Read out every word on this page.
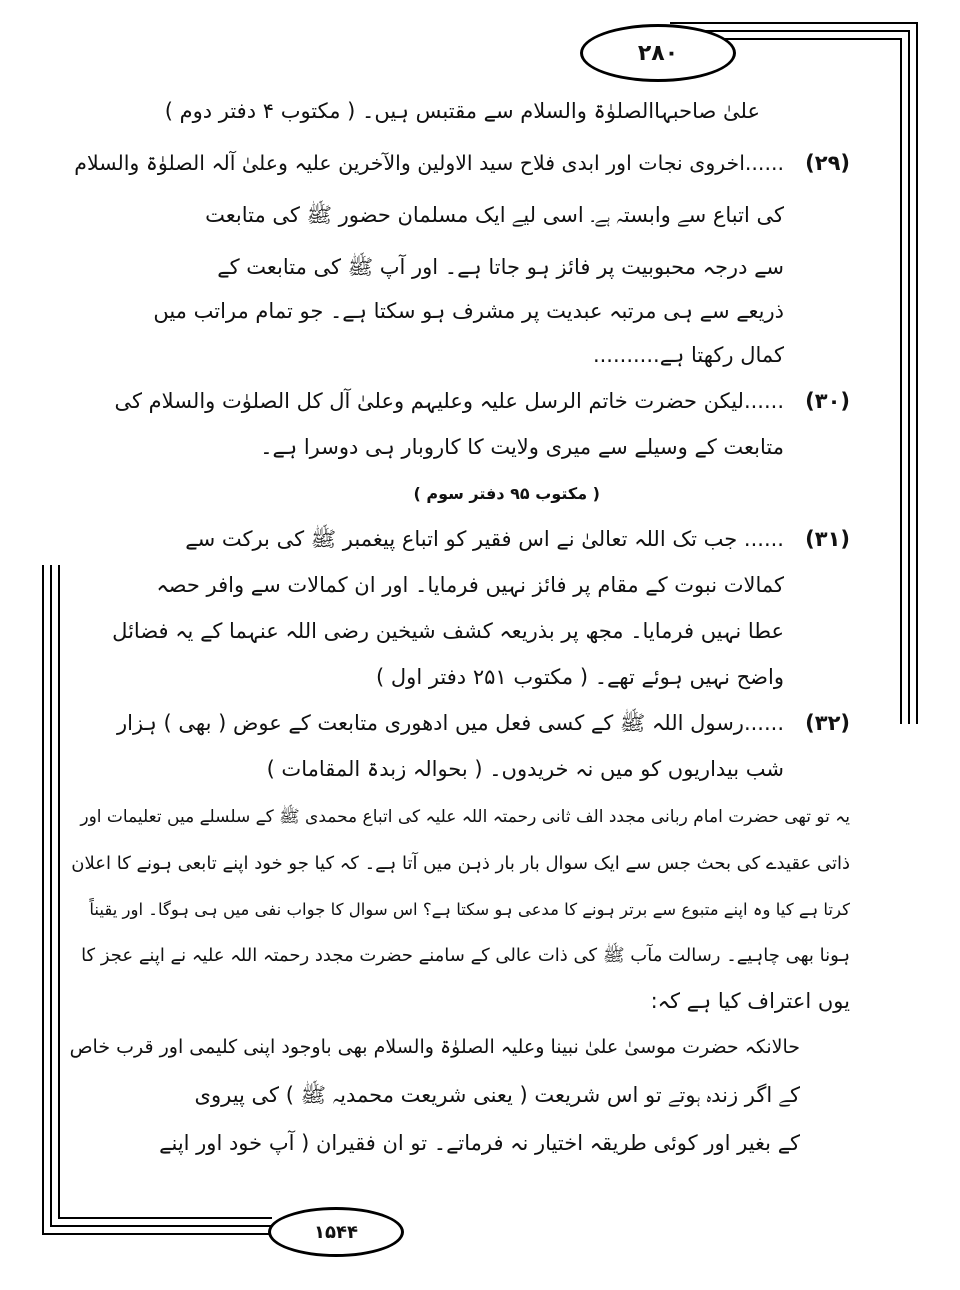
۲۸۰
۱۵۴۴
علیٰ صاحبہاالصلوٰۃ والسلام سے مقتبس ہیں۔ ( مکتوب ۴ دفتر دوم )
(۲۹)
......اخروی نجات اور ابدی فلاح سید الاولین والآخرین علیہ وعلیٰ آلہ الصلوٰۃ والسلام
کی اتباع سے وابستہ ہے۔ اسی لیے ایک مسلمان حضور ﷺ کی متابعت
سے درجہ محبوبیت پر فائز ہو جاتا ہے۔ اور آپ ﷺ کی متابعت کے
ذریعے سے ہی مرتبہ عبدیت پر مشرف ہو سکتا ہے۔ جو تمام مراتب میں
کمال رکھتا ہے..........
(۳۰)
......لیکن حضرت خاتم الرسل علیہ وعلیہم وعلیٰ آل کل الصلوٰت والسلام کی
متابعت کے وسیلے سے میری ولایت کا کاروبار ہی دوسرا ہے۔
( مکتوب ۹۵ دفتر سوم )
(۳۱)
...... جب تک اللہ تعالیٰ نے اس فقیر کو اتباع پیغمبر ﷺ کی برکت سے
کمالات نبوت کے مقام پر فائز نہیں فرمایا۔ اور ان کمالات سے وافر حصہ
عطا نہیں فرمایا۔ مجھ پر بذریعہ کشف شیخین رضی اللہ عنہما کے یہ فضائل
واضح نہیں ہوئے تھے۔ ( مکتوب ۲۵۱ دفتر اول )
(۳۲)
......رسول اللہ ﷺ کے کسی فعل میں ادھوری متابعت کے عوض ( بھی ) ہزار
شب بیداریوں کو میں نہ خریدوں۔ ( بحوالہ زبدۃ المقامات )
یہ تو تھی حضرت امام ربانی مجدد الف ثانی رحمتہ اللہ علیہ کی اتباع محمدی ﷺ کے سلسلے میں تعلیمات اور
ذاتی عقیدے کی بحث جس سے ایک سوال بار بار ذہن میں آتا ہے۔ کہ کیا جو خود اپنے تابعی ہونے کا اعلان
کرتا ہے کیا وہ اپنے متبوع سے برتر ہونے کا مدعی ہو سکتا ہے؟ اس سوال کا جواب نفی میں ہی ہوگا۔ اور یقیناً
ہونا بھی چاہیے۔ رسالت مآب ﷺ کی ذات عالی کے سامنے حضرت مجدد رحمتہ اللہ علیہ نے اپنے عجز کا
یوں اعتراف کیا ہے کہ:
حالانکہ حضرت موسیٰ علیٰ نبینا وعلیہ الصلوٰۃ والسلام بھی باوجود اپنی کلیمی اور قرب خاص
کے اگر زندہ ہوتے تو اس شریعت ( یعنی شریعت محمدیہ ﷺ ) کی پیروی
کے بغیر اور کوئی طریقہ اختیار نہ فرماتے۔ تو ان فقیران ( آپ خود اور اپنے
